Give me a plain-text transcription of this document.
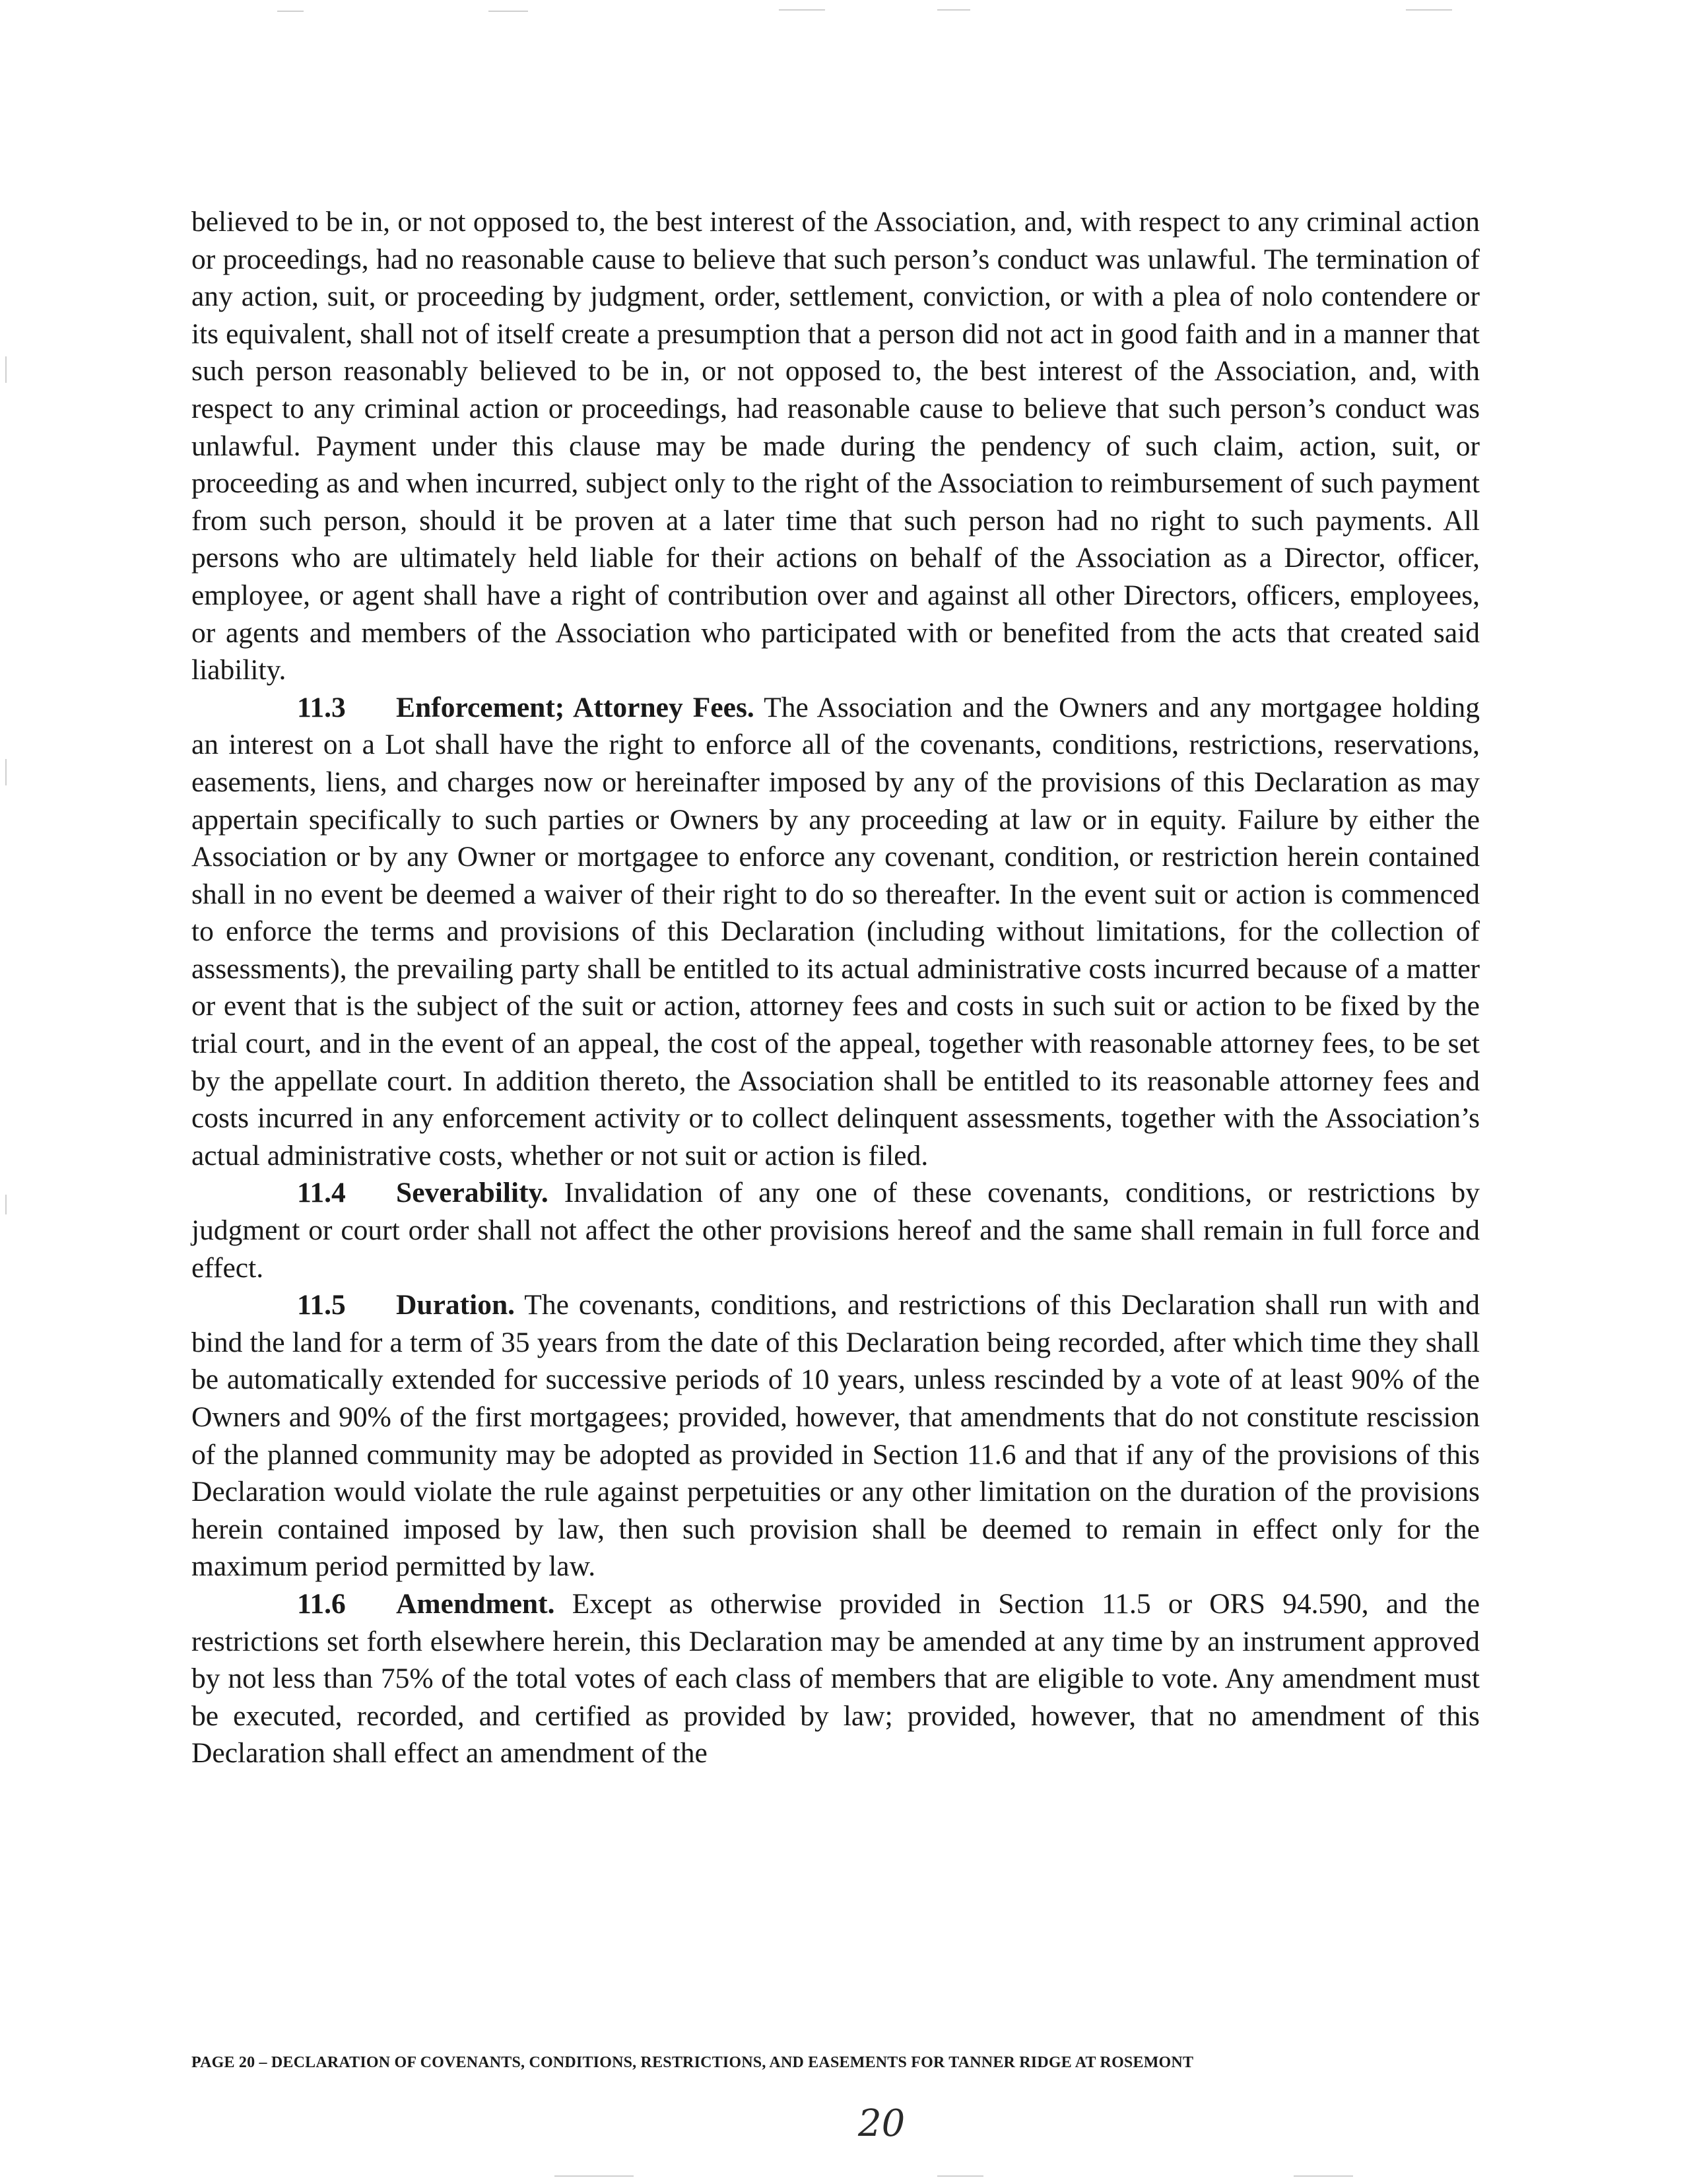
believed to be in, or not opposed to, the best interest of the Association, and, with respect to any criminal action or proceedings, had no reasonable cause to believe that such person’s conduct was unlawful. The termination of any action, suit, or proceeding by judgment, order, settlement, conviction, or with a plea of nolo contendere or its equivalent, shall not of itself create a presumption that a person did not act in good faith and in a manner that such person reasonably believed to be in, or not opposed to, the best interest of the Association, and, with respect to any criminal action or proceedings, had reasonable cause to believe that such person’s conduct was unlawful. Payment under this clause may be made during the pendency of such claim, action, suit, or proceeding as and when incurred, subject only to the right of the Association to reimbursement of such payment from such person, should it be proven at a later time that such person had no right to such payments. All persons who are ultimately held liable for their actions on behalf of the Association as a Director, officer, employee, or agent shall have a right of contribution over and against all other Directors, officers, employees, or agents and members of the Association who participated with or benefited from the acts that created said liability.

11.3 Enforcement; Attorney Fees. The Association and the Owners and any mortgagee holding an interest on a Lot shall have the right to enforce all of the covenants, conditions, restrictions, reservations, easements, liens, and charges now or hereinafter imposed by any of the provisions of this Declaration as may appertain specifically to such parties or Owners by any proceeding at law or in equity. Failure by either the Association or by any Owner or mortgagee to enforce any covenant, condition, or restriction herein contained shall in no event be deemed a waiver of their right to do so thereafter. In the event suit or action is commenced to enforce the terms and provisions of this Declaration (including without limitations, for the collection of assessments), the prevailing party shall be entitled to its actual administrative costs incurred because of a matter or event that is the subject of the suit or action, attorney fees and costs in such suit or action to be fixed by the trial court, and in the event of an appeal, the cost of the appeal, together with reasonable attorney fees, to be set by the appellate court. In addition thereto, the Association shall be entitled to its reasonable attorney fees and costs incurred in any enforcement activity or to collect delinquent assessments, together with the Association’s actual administrative costs, whether or not suit or action is filed.

11.4 Severability. Invalidation of any one of these covenants, conditions, or restrictions by judgment or court order shall not affect the other provisions hereof and the same shall remain in full force and effect.

11.5 Duration. The covenants, conditions, and restrictions of this Declaration shall run with and bind the land for a term of 35 years from the date of this Declaration being recorded, after which time they shall be automatically extended for successive periods of 10 years, unless rescinded by a vote of at least 90% of the Owners and 90% of the first mortgagees; provided, however, that amendments that do not constitute rescission of the planned community may be adopted as provided in Section 11.6 and that if any of the provisions of this Declaration would violate the rule against perpetuities or any other limitation on the duration of the provisions herein contained imposed by law, then such provision shall be deemed to remain in effect only for the maximum period permitted by law.

11.6 Amendment. Except as otherwise provided in Section 11.5 or ORS 94.590, and the restrictions set forth elsewhere herein, this Declaration may be amended at any time by an instrument approved by not less than 75% of the total votes of each class of members that are eligible to vote. Any amendment must be executed, recorded, and certified as provided by law; provided, however, that no amendment of this Declaration shall effect an amendment of the

PAGE 20 – DECLARATION OF COVENANTS, CONDITIONS, RESTRICTIONS, AND EASEMENTS FOR TANNER RIDGE AT ROSEMONT
20
